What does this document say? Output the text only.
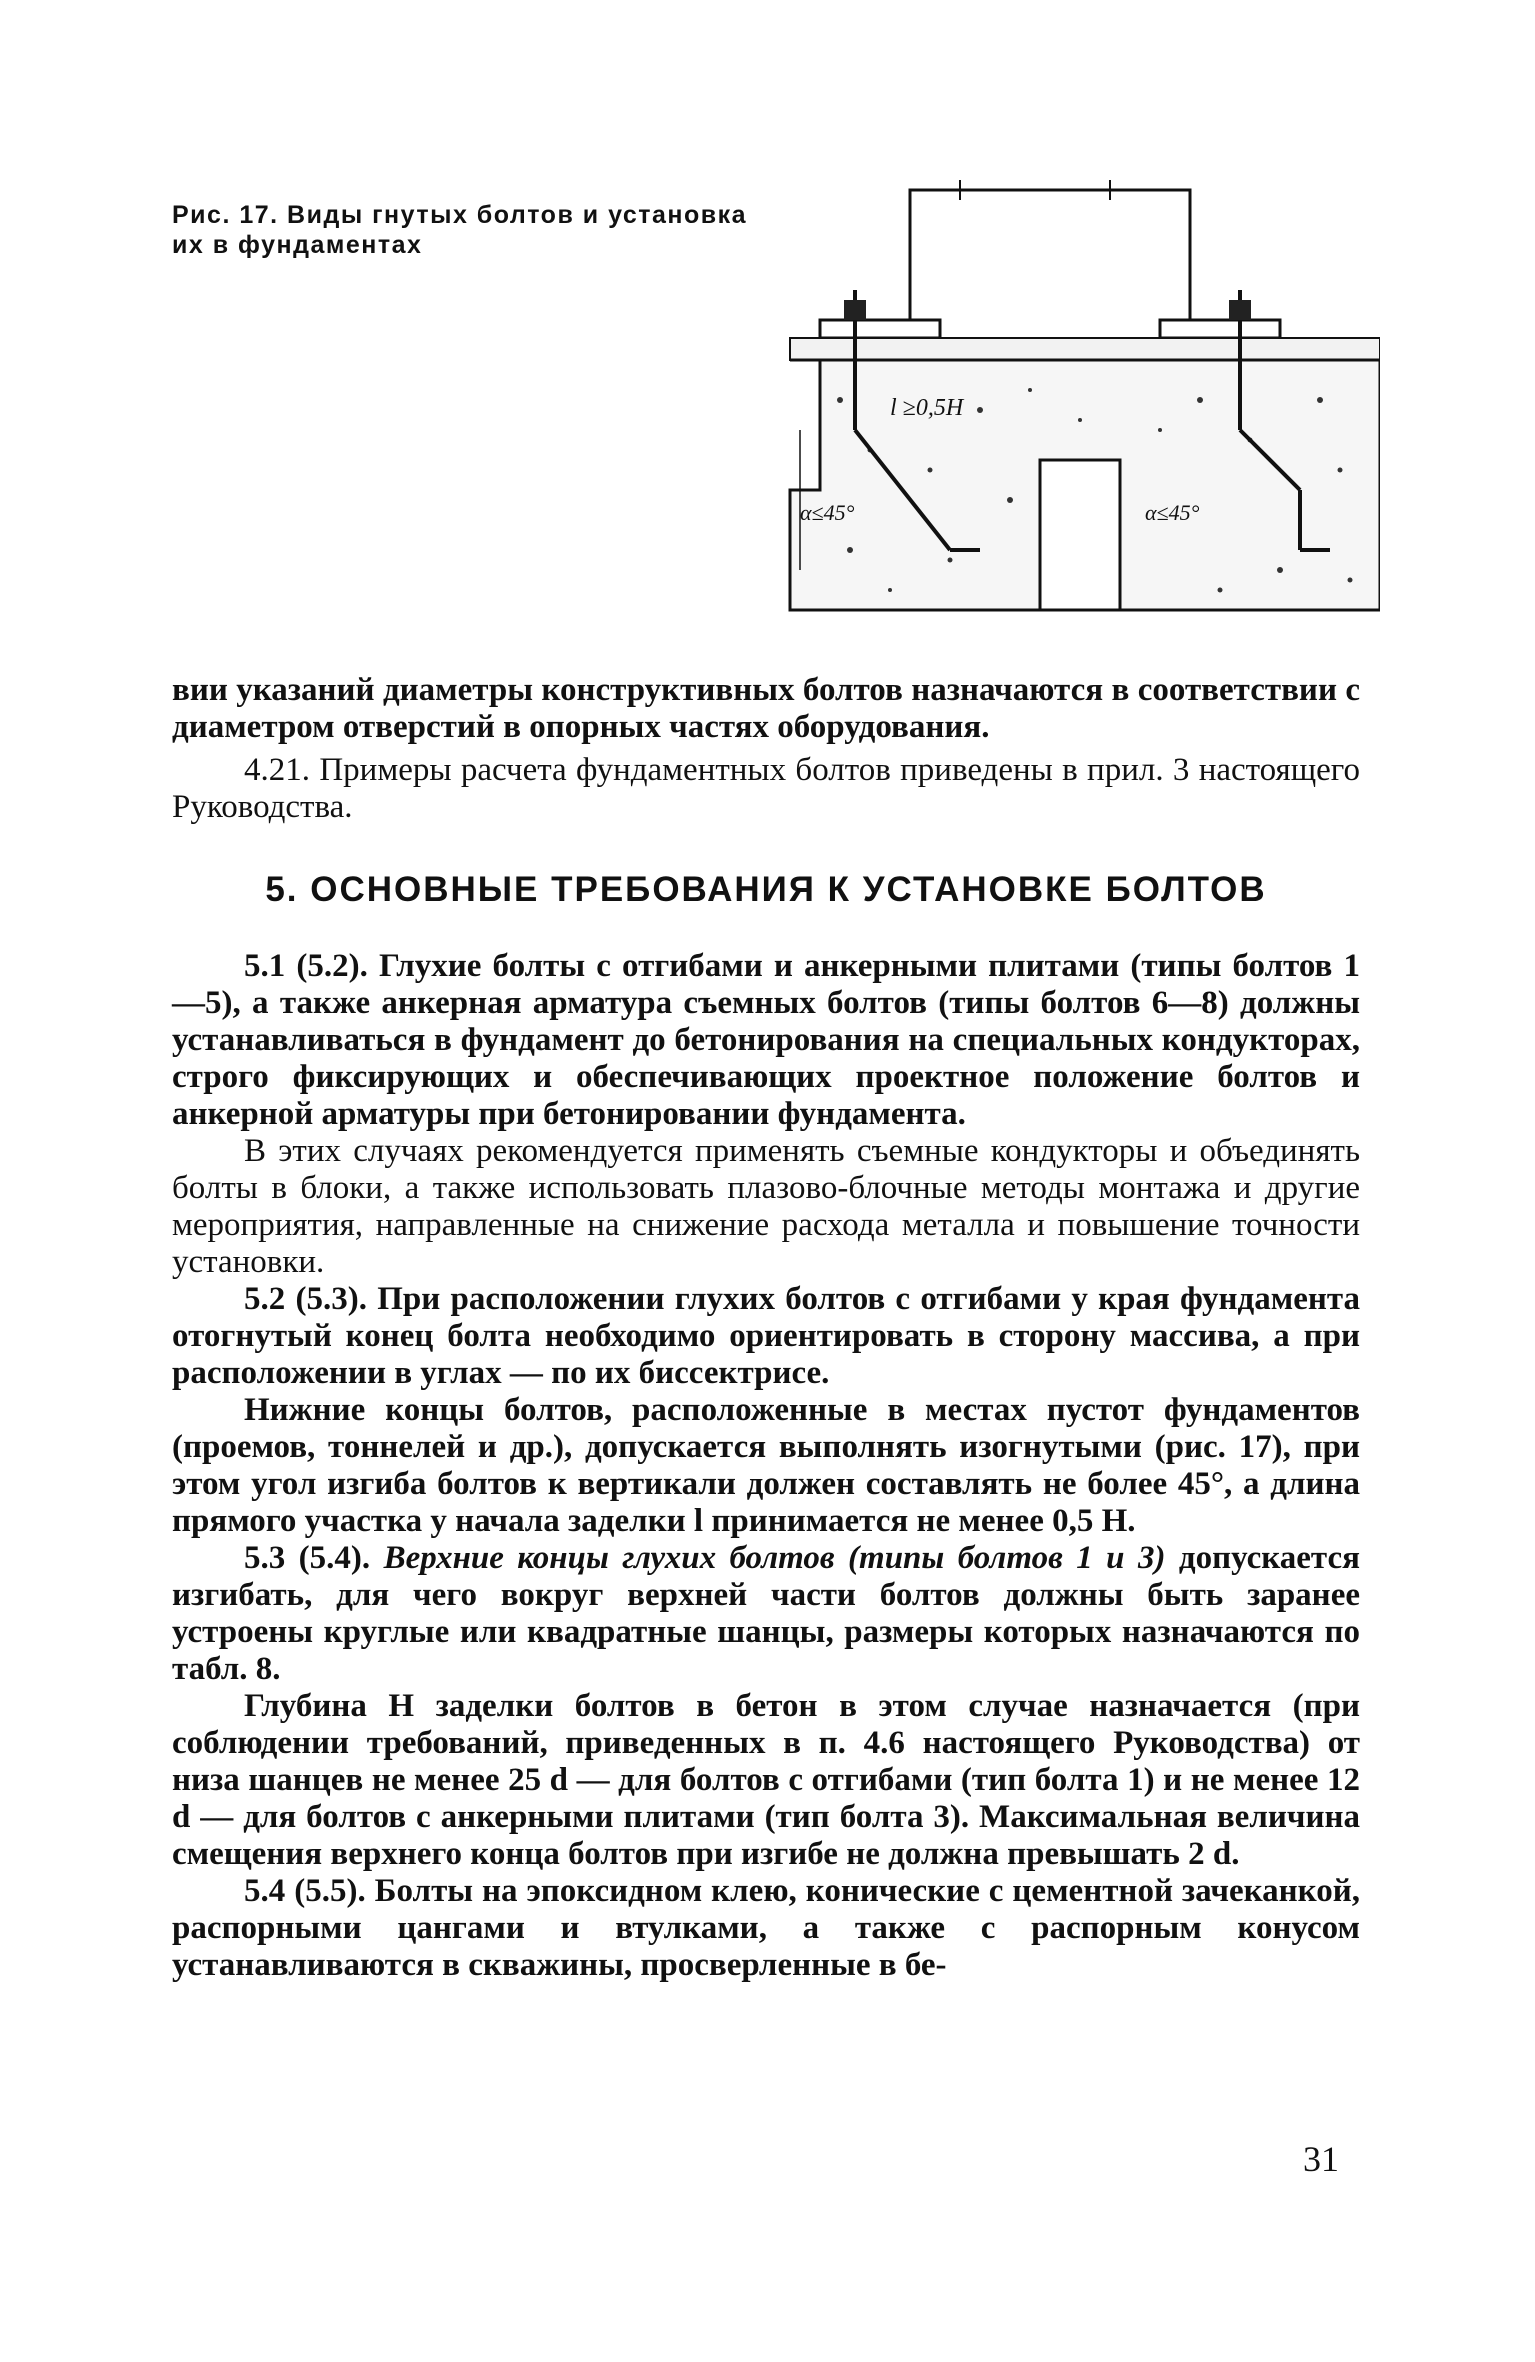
Рис. 17. Виды гнутых болтов и установка их в фундаментах
l ≥0,5H
α≤45°	α≤45°

вии указаний диаметры конструктивных болтов назначаются в соответствии с диаметром отверстий в опорных частях оборудования.

4.21. Примеры расчета фундаментных болтов приведены в прил. 3 настоящего Руководства.

5. ОСНОВНЫЕ ТРЕБОВАНИЯ К УСТАНОВКЕ БОЛТОВ

5.1 (5.2). Глухие болты с отгибами и анкерными плитами (типы болтов 1—5), а также анкерная арматура съемных болтов (типы болтов 6—8) должны устанавливаться в фундамент до бетонирования на специальных кондукторах, строго фиксирующих и обеспечивающих проектное положение болтов и анкерной арматуры при бетонировании фундамента.

В этих случаях рекомендуется применять съемные кондукторы и объединять болты в блоки, а также использовать плазово-блочные методы монтажа и другие мероприятия, направленные на снижение расхода металла и повышение точности установки.

5.2 (5.3). При расположении глухих болтов с отгибами у края фундамента отогнутый конец болта необходимо ориентировать в сторону массива, а при расположении в углах — по их биссектрисе.

Нижние концы болтов, расположенные в местах пустот фундаментов (проемов, тоннелей и др.), допускается выполнять изогнутыми (рис. 17), при этом угол изгиба болтов к вертикали должен составлять не более 45°, а длина прямого участка у начала заделки l принимается не менее 0,5 H.

5.3 (5.4). Верхние концы глухих болтов (типы болтов 1 и 3) допускается изгибать, для чего вокруг верхней части болтов должны быть заранее устроены круглые или квадратные шанцы, размеры которых назначаются по табл. 8.

Глубина H заделки болтов в бетон в этом случае назначается (при соблюдении требований, приведенных в п. 4.6 настоящего Руководства) от низа шанцев не менее 25 d — для болтов с отгибами (тип болта 1) и не менее 12 d — для болтов с анкерными плитами (тип болта 3). Максимальная величина смещения верхнего конца болтов при изгибе не должна превышать 2 d.

5.4 (5.5). Болты на эпоксидном клею, конические с цементной зачеканкой, распорными цангами и втулками, а также с распорным конусом устанавливаются в скважины, просверленные в бе-

31
